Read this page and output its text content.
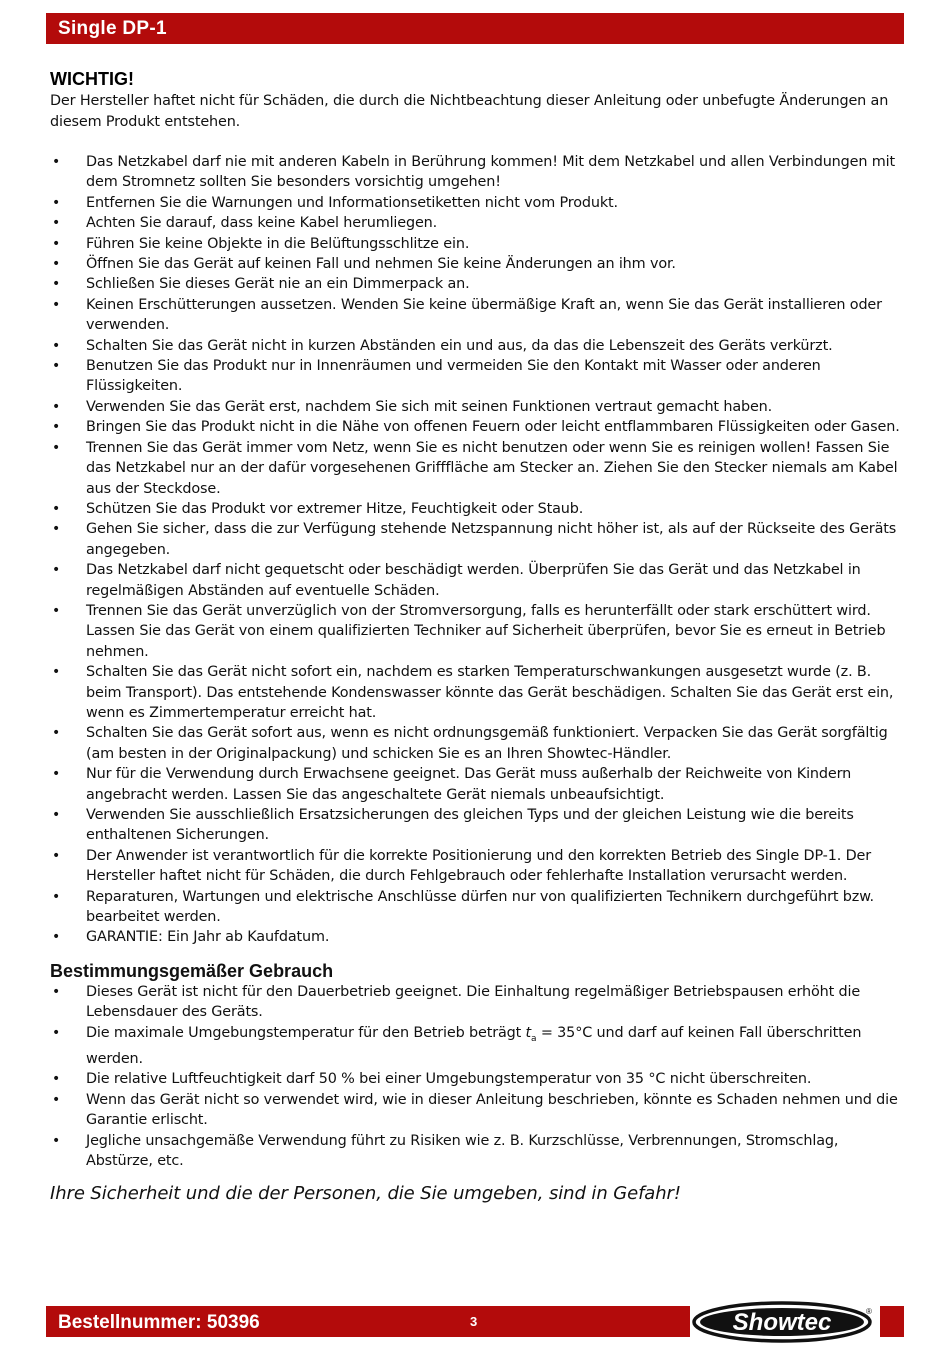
Single DP-1
WICHTIG!

Der Hersteller haftet nicht für Schäden, die durch die Nichtbeachtung dieser Anleitung oder unbefugte Änderungen an diesem Produkt entstehen.

• Das Netzkabel darf nie mit anderen Kabeln in Berührung kommen! Mit dem Netzkabel und allen Verbindungen mit dem Stromnetz sollten Sie besonders vorsichtig umgehen!
• Entfernen Sie die Warnungen und Informationsetiketten nicht vom Produkt.
• Achten Sie darauf, dass keine Kabel herumliegen.
• Führen Sie keine Objekte in die Belüftungsschlitze ein.
• Öffnen Sie das Gerät auf keinen Fall und nehmen Sie keine Änderungen an ihm vor.
• Schließen Sie dieses Gerät nie an ein Dimmerpack an.
• Keinen Erschütterungen aussetzen. Wenden Sie keine übermäßige Kraft an, wenn Sie das Gerät installieren oder verwenden.
• Schalten Sie das Gerät nicht in kurzen Abständen ein und aus, da das die Lebenszeit des Geräts verkürzt.
• Benutzen Sie das Produkt nur in Innenräumen und vermeiden Sie den Kontakt mit Wasser oder anderen Flüssigkeiten.
• Verwenden Sie das Gerät erst, nachdem Sie sich mit seinen Funktionen vertraut gemacht haben.
• Bringen Sie das Produkt nicht in die Nähe von offenen Feuern oder leicht entflammbaren Flüssigkeiten oder Gasen.
• Trennen Sie das Gerät immer vom Netz, wenn Sie es nicht benutzen oder wenn Sie es reinigen wollen! Fassen Sie das Netzkabel nur an der dafür vorgesehenen Grifffläche am Stecker an. Ziehen Sie den Stecker niemals am Kabel aus der Steckdose.
• Schützen Sie das Produkt vor extremer Hitze, Feuchtigkeit oder Staub.
• Gehen Sie sicher, dass die zur Verfügung stehende Netzspannung nicht höher ist, als auf der Rückseite des Geräts angegeben.
• Das Netzkabel darf nicht gequetscht oder beschädigt werden. Überprüfen Sie das Gerät und das Netzkabel in regelmäßigen Abständen auf eventuelle Schäden.
• Trennen Sie das Gerät unverzüglich von der Stromversorgung, falls es herunterfällt oder stark erschüttert wird. Lassen Sie das Gerät von einem qualifizierten Techniker auf Sicherheit überprüfen, bevor Sie es erneut in Betrieb nehmen.
• Schalten Sie das Gerät nicht sofort ein, nachdem es starken Temperaturschwankungen ausgesetzt wurde (z. B. beim Transport). Das entstehende Kondenswasser könnte das Gerät beschädigen. Schalten Sie das Gerät erst ein, wenn es Zimmertemperatur erreicht hat.
• Schalten Sie das Gerät sofort aus, wenn es nicht ordnungsgemäß funktioniert. Verpacken Sie das Gerät sorgfältig (am besten in der Originalpackung) und schicken Sie es an Ihren Showtec-Händler.
• Nur für die Verwendung durch Erwachsene geeignet. Das Gerät muss außerhalb der Reichweite von Kindern angebracht werden. Lassen Sie das angeschaltete Gerät niemals unbeaufsichtigt.
• Verwenden Sie ausschließlich Ersatzsicherungen des gleichen Typs und der gleichen Leistung wie die bereits enthaltenen Sicherungen.
• Der Anwender ist verantwortlich für die korrekte Positionierung und den korrekten Betrieb des Single DP-1. Der Hersteller haftet nicht für Schäden, die durch Fehlgebrauch oder fehlerhafte Installation verursacht werden.
• Reparaturen, Wartungen und elektrische Anschlüsse dürfen nur von qualifizierten Technikern durchgeführt bzw. bearbeitet werden.
• GARANTIE: Ein Jahr ab Kaufdatum.
Bestimmungsgemäßer Gebrauch
• Dieses Gerät ist nicht für den Dauerbetrieb geeignet. Die Einhaltung regelmäßiger Betriebspausen erhöht die Lebensdauer des Geräts.
• Die maximale Umgebungstemperatur für den Betrieb beträgt $t_a = 35^\circ C$ und darf auf keinen Fall überschritten werden.
• Die relative Luftfeuchtigkeit darf 50 % bei einer Umgebungstemperatur von 35 °C nicht überschreiten.
• Wenn das Gerät nicht so verwendet wird, wie in dieser Anleitung beschrieben, könnte es Schaden nehmen und die Garantie erlischt.
• Jegliche unsachgemäße Verwendung führt zu Risiken wie z. B. Kurzschlüsse, Verbrennungen, Stromschlag, Abstürze, etc.

Ihre Sicherheit und die der Personen, die Sie umgeben, sind in Gefahr!

Bestellnummer: 50396	3	Showtec	®
